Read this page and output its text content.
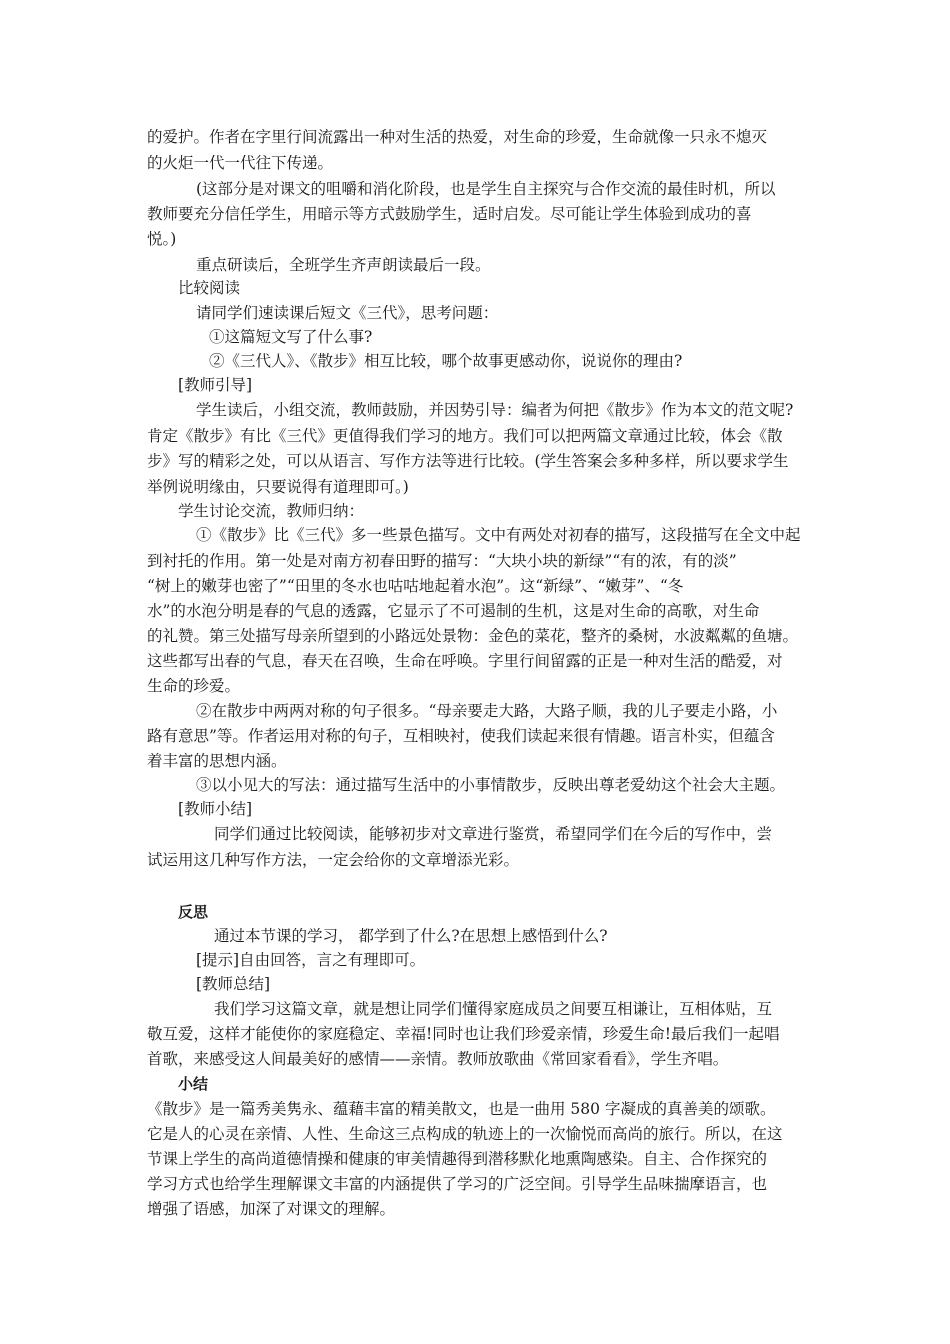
的爱护。作者在字里行间流露出一种对生活的热爱，对生命的珍爱，生命就像一只永不熄灭
的火炬一代一代往下传递。
(这部分是对课文的咀嚼和消化阶段，也是学生自主探究与合作交流的最佳时机，所以
教师要充分信任学生，用暗示等方式鼓励学生，适时启发。尽可能让学生体验到成功的喜
悦。)
重点研读后，全班学生齐声朗读最后一段。
比较阅读
请同学们速读课后短文《三代》，思考问题：
①这篇短文写了什么事?
②《三代人》、《散步》相互比较，哪个故事更感动你，说说你的理由?
[教师引导]
学生读后，小组交流，教师鼓励，并因势引导：编者为何把《散步》作为本文的范文呢?
肯定《散步》有比《三代》更值得我们学习的地方。我们可以把两篇文章通过比较，体会《散
步》写的精彩之处，可以从语言、写作方法等进行比较。(学生答案会多种多样，所以要求学生
举例说明缘由，只要说得有道理即可。)
学生讨论交流，教师归纳：
①《散步》比《三代》多一些景色描写。文中有两处对初春的描写，这段描写在全文中起
到衬托的作用。第一处是对南方初春田野的描写：“大块小块的新绿”“有的浓，有的淡”
“树上的嫩芽也密了”“田里的冬水也咕咕地起着水泡”。这“新绿”、“嫩芽”、“冬
水”的水泡分明是春的气息的透露，它显示了不可遏制的生机，这是对生命的高歌，对生命
的礼赞。第三处描写母亲所望到的小路远处景物：金色的菜花，整齐的桑树，水波粼粼的鱼塘。
这些都写出春的气息，春天在召唤，生命在呼唤。字里行间留露的正是一种对生活的酷爱，对
生命的珍爱。
②在散步中两两对称的句子很多。“母亲要走大路，大路子顺，我的儿子要走小路，小
路有意思”等。作者运用对称的句子，互相映衬，使我们读起来很有情趣。语言朴实，但蕴含
着丰富的思想内涵。
③以小见大的写法：通过描写生活中的小事情散步，反映出尊老爱幼这个社会大主题。
[教师小结]
同学们通过比较阅读，能够初步对文章进行鉴赏，希望同学们在今后的写作中，尝
试运用这几种写作方法，一定会给你的文章增添光彩。
反思
通过本节课的学习， 都学到了什么?在思想上感悟到什么?
[提示]自由回答，言之有理即可。
[教师总结]
我们学习这篇文章，就是想让同学们懂得家庭成员之间要互相谦让，互相体贴，互
敬互爱，这样才能使你的家庭稳定、幸福!同时也让我们珍爱亲情，珍爱生命!最后我们一起唱
首歌，来感受这人间最美好的感情——亲情。教师放歌曲《常回家看看》，学生齐唱。
小结
《散步》是一篇秀美隽永、蕴藉丰富的精美散文，也是一曲用 580 字凝成的真善美的颂歌。
它是人的心灵在亲情、人性、生命这三点构成的轨迹上的一次愉悦而高尚的旅行。所以，在这
节课上学生的高尚道德情操和健康的审美情趣得到潜移默化地熏陶感染。自主、合作探究的
学习方式也给学生理解课文丰富的内涵提供了学习的广泛空间。引导学生品味揣摩语言，也
增强了语感，加深了对课文的理解。
